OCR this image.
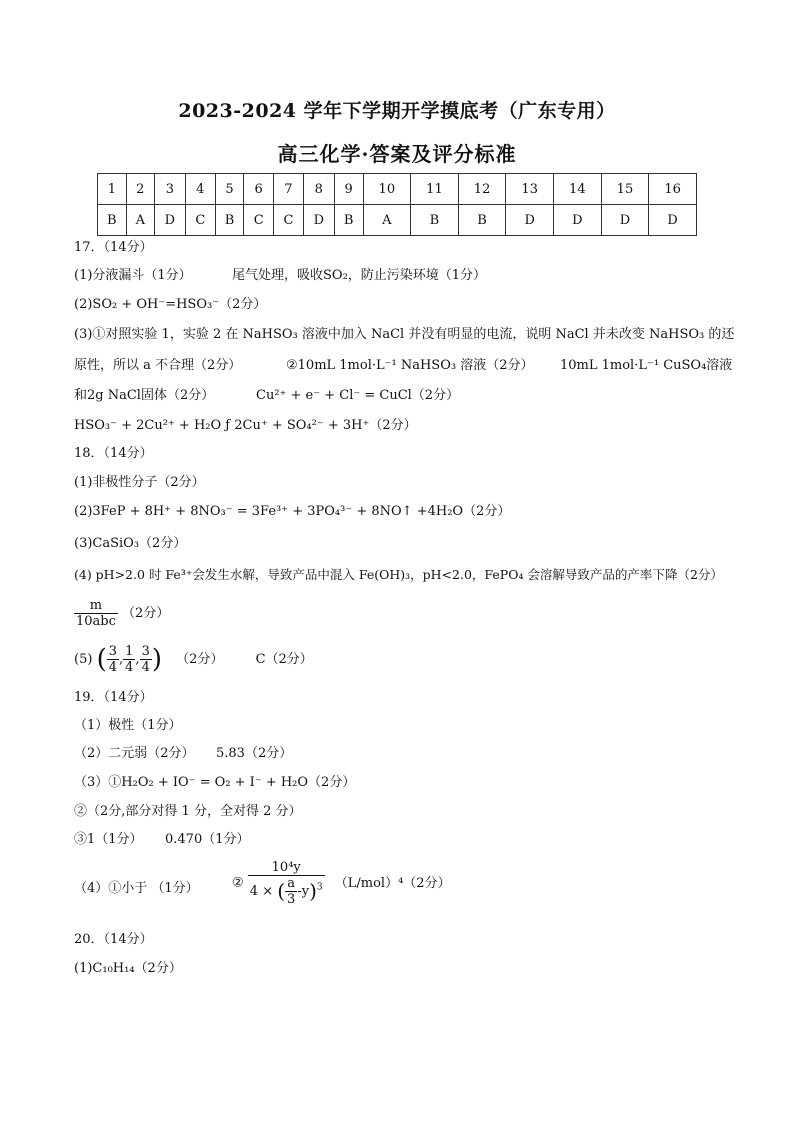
2023-2024 学年下学期开学摸底考（广东专用）
高三化学·答案及评分标准
1	2	3	4	5	6	7	8	9	10	11	12	13	14	15	16
B	A	D	C	B	C	C	D	B	A	B	B	D	D	D	D
17．（14分）
(1)分液漏斗（1分）	尾气处理，吸收SO₂，防止污染环境（1分）
(2)SO₂ + OH⁻=HSO₃⁻（2分）
(3)①对照实验 1，实验 2 在 NaHSO₃ 溶液中加入 NaCl 并没有明显的电流，说明 NaCl 并未改变 NaHSO₃ 的还
原性，所以 a 不合理（2分）	②10mL 1mol·L⁻¹ NaHSO₃ 溶液（2分） 10mL 1mol·L⁻¹ CuSO₄溶液
和2g NaCl固体（2分）	Cu²⁺ + e⁻ + Cl⁻ = CuCl（2分）
HSO₃⁻ + 2Cu²⁺ + H₂O ƒ 2Cu⁺ + SO₄²⁻ + 3H⁺（2分）
18．（14分）
(1)非极性分子（2分）
(2)3FeP + 8H⁺ + 8NO₃⁻ = 3Fe³⁺ + 3PO₄³⁻ + 8NO↑ +4H₂O（2分）
(3)CaSiO₃（2分）
(4) pH>2.0 时 Fe³⁺会发生水解，导致产品中混入 Fe(OH)₃，pH<2.0，FePO₄ 会溶解导致产品的产率下降（2分）
$\frac{m}{\text{10abc}} (2$分）
(5) ( $\frac{3}{4}$ , $\frac{1}{4}$ , $\frac{3}{4}$ ) （2分） C（2分）
19．（14分）
（1）极性（1分）
（2）二元弱（2分） 5.83（2分）
（3）①H₂O₂ + IO⁻ = O₂ + I⁻ + H₂O（2分）
②（2分,部分对得 1 分，全对得 2 分）
③1（1分） 0.470（1分）
（4）①小于 （1分）	② $\frac{\text{10⁴y}}{4 \times ( \frac{a}{3} -y)^3} (L/mol)^4(2$分）
20．（14分）
(1)C₁₀H₁₄（2分）
